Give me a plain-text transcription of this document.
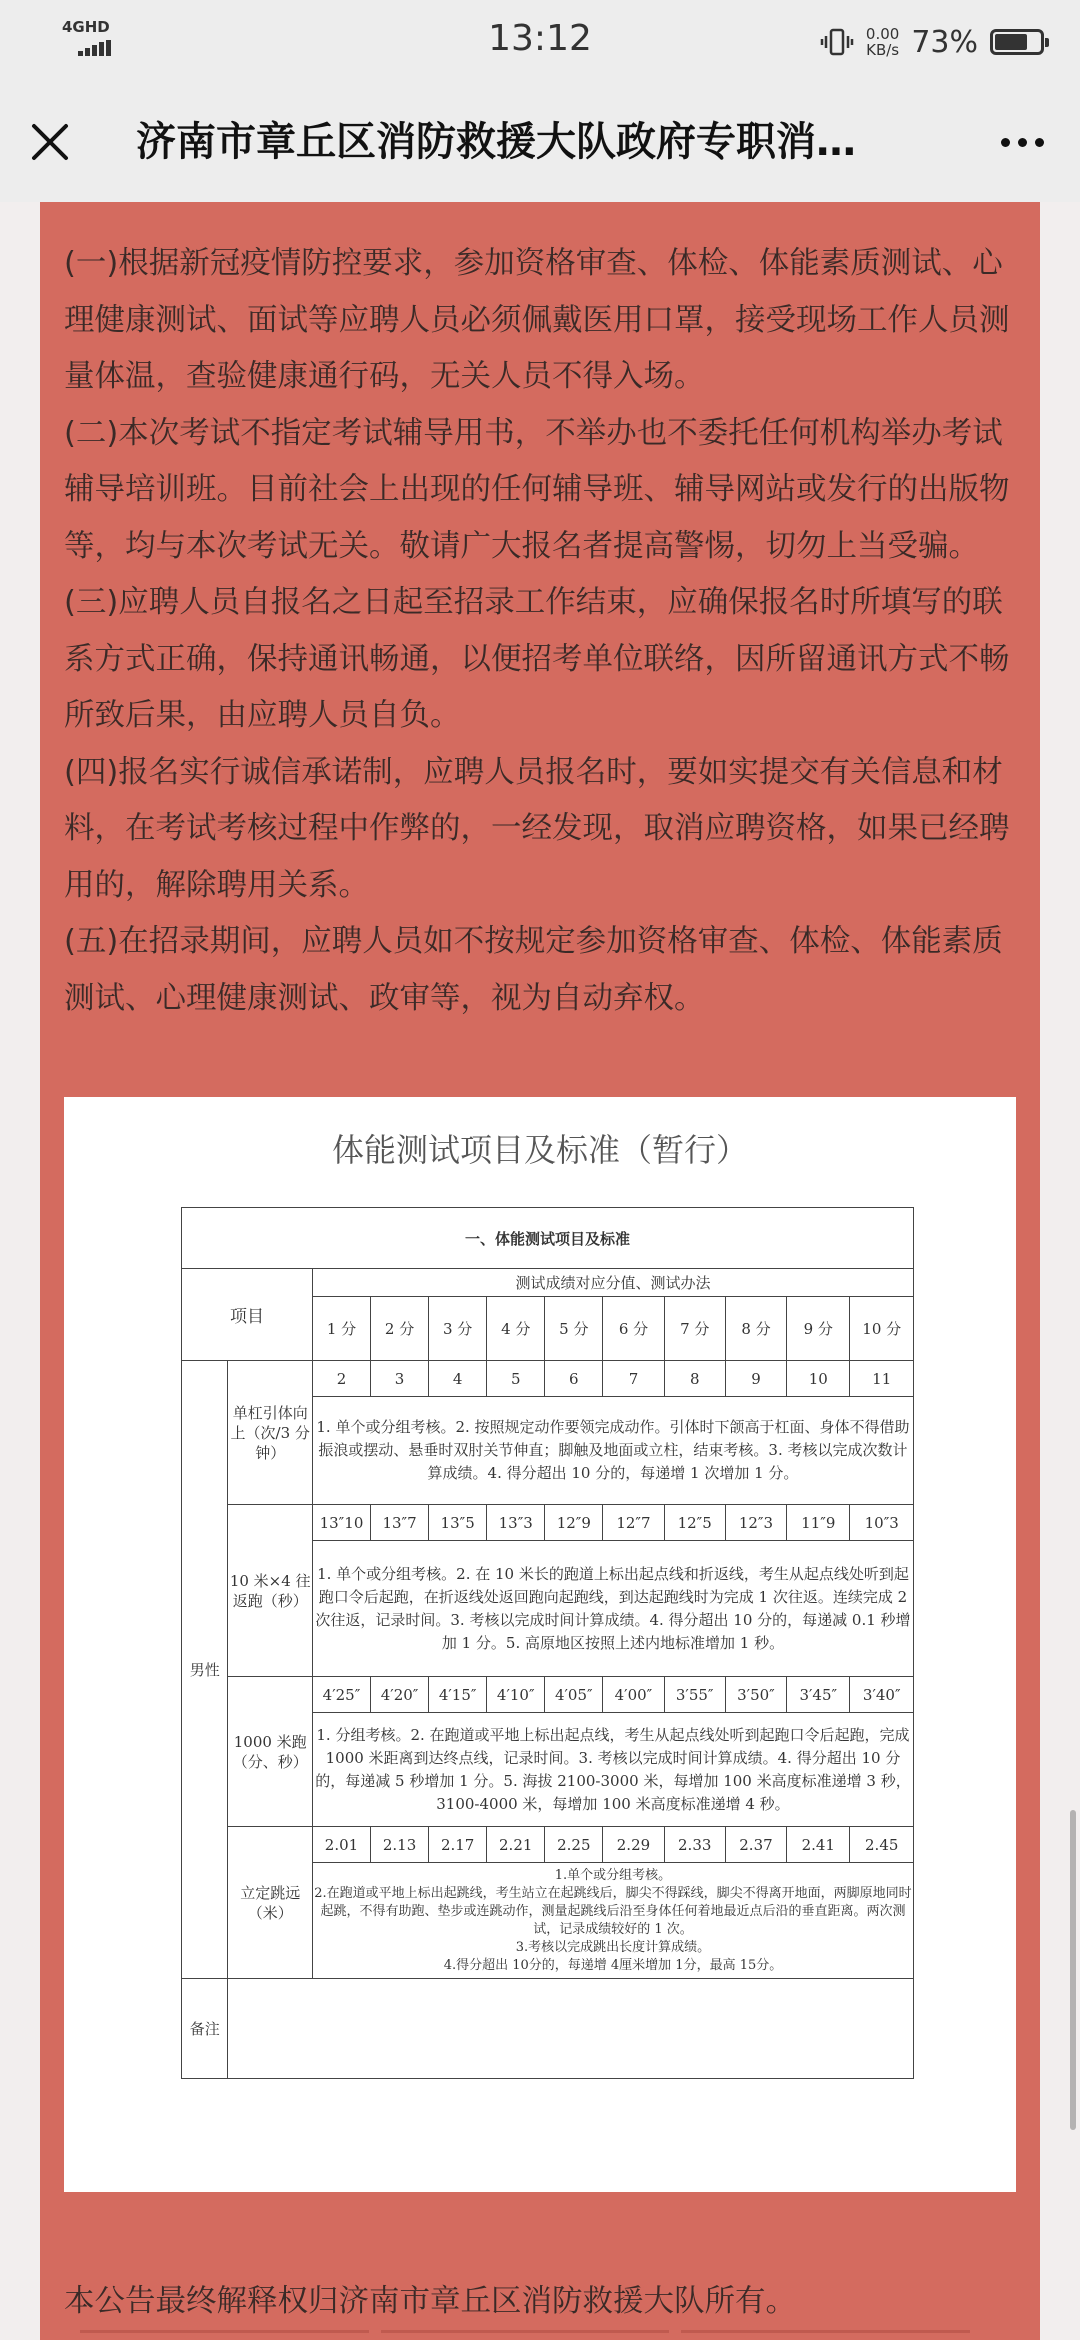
4GHD	13:12	0.00
KB/s 73%
济南市章丘区消防救援大队政府专职消…

(一)根据新冠疫情防控要求，参加资格审查、体检、体能素质测试、心理健康测试、面试等应聘人员必须佩戴医用口罩，接受现场工作人员测量体温，查验健康通行码，无关人员不得入场。

(二)本次考试不指定考试辅导用书，不举办也不委托任何机构举办考试辅导培训班。目前社会上出现的任何辅导班、辅导网站或发行的出版物等，均与本次考试无关。敬请广大报名者提高警惕，切勿上当受骗。

(三)应聘人员自报名之日起至招录工作结束，应确保报名时所填写的联系方式正确，保持通讯畅通，以便招考单位联络，因所留通讯方式不畅所致后果，由应聘人员自负。

(四)报名实行诚信承诺制，应聘人员报名时，要如实提交有关信息和材料，在考试考核过程中作弊的，一经发现，取消应聘资格，如果已经聘用的，解除聘用关系。

(五)在招录期间，应聘人员如不按规定参加资格审查、体检、体能素质测试、心理健康测试、政审等，视为自动弃权。

体能测试项目及标准（暂行）
一、体能测试项目及标准											
项目		测试成绩对应分值、测试办法									
		1 分	2 分	3 分	4 分	5 分	6 分	7 分	8 分	9 分	10 分
男性	单杠引体向上（次/3 分钟）	2	3	4	5	6	7	8	9	10	11
		1. 单个或分组考核。2. 按照规定动作要领完成动作。引体时下颌高于杠面、身体不得借助振浪或摆动、悬垂时双肘关节伸直；脚触及地面或立柱，结束考核。3. 考核以完成次数计算成绩。4. 得分超出 10 分的，每递增 1 次增加 1 分。									
	10 米×4 往返跑（秒）	13″10	13″7	13″5	13″3	12″9	12″7	12″5	12″3	11″9	10″3
		1. 单个或分组考核。2. 在 10 米长的跑道上标出起点线和折返线，考生从起点线处听到起跑口令后起跑，在折返线处返回跑向起跑线，到达起跑线时为完成 1 次往返。连续完成 2 次往返，记录时间。3. 考核以完成时间计算成绩。4. 得分超出 10 分的，每递减 0.1 秒增加 1 分。5. 高原地区按照上述内地标准增加 1 秒。									
	1000 米跑（分、秒）	4′25″	4′20″	4′15″	4′10″	4′05″	4′00″	3′55″	3′50″	3′45″	3′40″
		1. 分组考核。2. 在跑道或平地上标出起点线，考生从起点线处听到起跑口令后起跑，完成 1000 米距离到达终点线，记录时间。3. 考核以完成时间计算成绩。4. 得分超出 10 分的，每递减 5 秒增加 1 分。5. 海拔 2100-3000 米，每增加 100 米高度标准递增 3 秒，3100-4000 米，每增加 100 米高度标准递增 4 秒。									
	立定跳远（米）	2.01	2.13	2.17	2.21	2.25	2.29	2.33	2.37	2.41	2.45

		1.单个或分组考核。
2.在跑道或平地上标出起跳线，考生站立在起跳线后，脚尖不得踩线，脚尖不得离开地面，两脚原地同时起跳，不得有助跑、垫步或连跳动作，测量起跳线后沿至身体任何着地最近点后沿的垂直距离。两次测试，记录成绩较好的 1 次。
3.考核以完成跳出长度计算成绩。
4.得分超出 10分的，每递增 4厘米增加 1分，最高 15分。									

备注											
本公告最终解释权归济南市章丘区消防救援大队所有。
